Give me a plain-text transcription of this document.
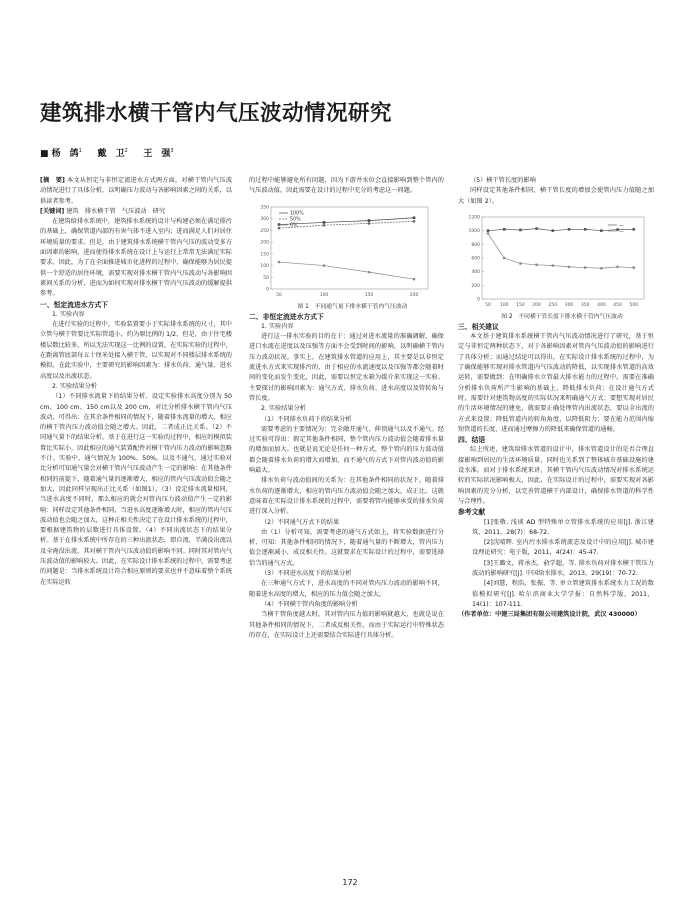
建筑排水横干管内气压波动情况研究
■ 杨　鸽$^1$ 戴　卫$^2$ 王　强$^3$

[摘　要] 本文从恒定与非恒定流进水方式两方面，对横干管内气压波动情况进行了具体分析，以明确压力波动与各影响因素之间的关系，以供读者参考。

[关键词] 建筑　排水横干管　气压波动　研究

在建筑给排水系统中，建筑排水系统的设计与构建必须在满足排污的基础上，确保管道内部的有害气体不进入室内；进而满足人们对居住环境质量的要求。但是，由于建筑排水系统横干管内气压的波动受多方面因素的影响，进而使得排水系统在设计上与运行上常常无法满足实际要求。因此，为了在全面推进城市化进程的过程中，确保能够为居民提供一个舒适的居住环境，需要实现对排水横干管内气压波动与各影响因素间关系的分析，进而为如何实现对排水横干管内气压波动的缓解提供参考。

一、恒定流进水方式下

1. 实验内容

在进行实验的过程中，实验装置要小于实际排水系统的尺寸，其中立管与横干管要比实际管道小，约为原比例的 1/2，但是，由于住宅楼楼层数比较多，所以无法实现这一比例的设置，在实际实验的过程中，在距离管底部每五十厘米处接入横干管，以实现对不同楼层排水系统的模拟。在此实验中，主要研究的影响因素为：排水负荷、通气量、进水高度以及出流状态。

2. 实验结果分析

（1）不同排水流量下的结果分析。设定实验排水高度分别为 50 cm、100 cm、150 cm以及 200 cm，对比分析排水横干管内气压波动，可得出：在其余条件相同的情况下，随着排水流量的增大，相应的横干管内压力波动值会随之增大。因此，二者成正比关系。（2）不同通气量下的结果分析。基于在进行这一实验的过程中，相应的模拟装置比实际小，因此相应的通气装置配件对横干管内压力波动的影响忽略不计。实验中，通气情况为 100%、50%、以及不通气，通过实验对比分析可知通气量会对横干管内气压波动产生一定的影响：在其他条件相同的前提下，随着通气量的逐渐增大，相应的管内气压波动值会随之加大，因此同样呈现出正比关系（如图1）。（3）设定排水流量相同，当进水高度不同时，那么相应的就会对管内压力波动值产生一定的影响：同样设定其他条件相同，当进水高度逐渐增大时，相应的管内气压波动值也会随之加大，这种正相关性决定了在设计排水系统的过程中，要根据建筑物的层数进行具体设置。（4）不同出流状态下的结果分析。基于在排水系统中所存在的三种出流状态，即自流、半满没出流以及全淹没出流，其对横干管内气压波动值的影响不同。同时其对管内气压波动值的影响较大。因此，在实际设计排水系统的过程中，需要考虑的问题是：当排水系统设计符合相应原则的要求也并不意味着整个系统在实际运转

的过程中能够避免所有问题，因为下游井水位会直接影响到整个管内的气压波动值，因此需要在设计的过程中充分的考虑这一问题。

0
50
100
150
200
250
300
350
50	100	150	200
100%
50%
0%

图 1　不同通气量下排水横干管内气压波动

二、非恒定流进水方式下

1. 实验内容

进行这一排水实验的目的在于：通过对进水流量的准确调解，确保进口水流在进度以及压强等方面不会受到时间的影响，以明确横干管内压力波动状况。事实上，在建筑排水管道的应用上，其主要是以非恒定流进水方式来实现排污的，由于相应的水流速度以及压强等都会随着时间的变化而发生变化，因此，需要以恒定水箱为媒介来实现这一实验。主要探讨的影响因素为：通气方式、排水负荷、进水高度以及管转角与管长度。

2. 实验结果分析

（1）不同排水负荷下的结果分析

需要考虑的主要情况为：完全敞开通气、伸顶通气以及不通气。经过实验可得出：假定其他条件相同，整个管内压力波动值会随着排水量的增加而加大。也就是说无论是任何一种方式，整个管内的压力波动值都会随着排水负荷的增大而增加，而不通气的方式下对管内波动值的影响最大。

排水负荷与波动值间的关系为：在其他条件相同的状况下，随着排水负荷的逐渐增大，相应的管内压力波动值会随之加大，成正比。这就意味着在实际设计排水系统的过程中，需要将管内能够承受的排水负荷进行深入分析。

（2）不同通气方式下的结果

由（1）分析可知，需要考虑的通气方式如上，将实验数据进行分析，可知：其他条件相同的情况下，随着通气量的不断增大，管内压力值会逐渐减小，成反相关性。这就要求在实际设计的过程中，需要选择恰当的通气方式。

（3）不同进水高度下的结果分析

在三种通气方式下，进水高度的不同对管内压力波动的影响不同，随着进水高度的增大，相应的压力值会随之加大。

（4）不同横干管内角度的影响分析

当横干管角度越大时，其对管内压力值的影响就越大，也就是说在其他条件相同的情况下，二者成反相关性，而由于实际运行中特殊状态的存在，在实际设计上还需要结合实际进行具体分析。

（5）横干管长度的影响

同样设定其他条件相同，横干管长度的增加会使管内压力值随之加大（如图 2）。

0
200
400
600
800
1000
1200
50 100 150 200 250 300 350 400 450 500
—
—

图 2　不同横干管长度下排水横干管内气压波动

三、相关建议

本文基于建筑排水系统横干管内气压波动情况进行了研究，基于恒定与非恒定两种状态下，对于各影响因素对管内气压波动值的影响进行了具体分析；而通过结论可以得出，在实际设计排水系统的过程中，为了确保能够实现对排水管道内气压波动的降低，以实现排水管道的高效运转，需要做到：在明确排水立管最大排水能力的过程中，需要在准确分析排水负荷所产生影响的基础上，降低排水负荷；在设计通气方式时，需要针对建筑物高度的实际状况来明确通气方式；要想实现对居民的生活环境情况的建免，就需要正确处理管内出流状态，要以全出流的方式来设置；降低管道内的转角角度，以降低阻力；要在能力范围内缩短管道的长度，进而通过摩擦力的降低来确保管道的通畅。

四、结语

综上所述，建筑给排水管道的设计中，排水管道设计的是否合理直接影响到居民的生活环境质量，同时也关系到了整体城市基础设施的建设水准。而对于排水系统来讲，其横干管内气压波动情况对排水系统运转的实际状况影响极大，因此，在实际设计的过程中，需要实现对各影响因素的充分分析，以完善管道横干内部设计，确保排水管道的科学性与合理性。

参考文献

[1]张敬. 浅谈 AD 型特殊单立管排水系统的应用[J]. 浙江建筑，2011，28(7)：68-72.

[2]沈晴辉. 室内污水排水系统流态及设计中的应用[J]. 城市建设理论研究：电子版，2011，4(24)：45-47.

[3]王璐文，蒋承杰，俞学超，等. 排水负荷对排水横干管压力波动的影响研究[J]. 中国给水排水，2013，29(19)：70-72.

[4]刘慧，程浩，张振，等. 单立管建筑排水系统水力工况的数值模拟研究[J]. 哈尔滨商业大学学报：自然科学版，2011，14(1)：107-111.

（作者单位：中建三局集团有限公司建筑设计院，武汉 430000）

172
